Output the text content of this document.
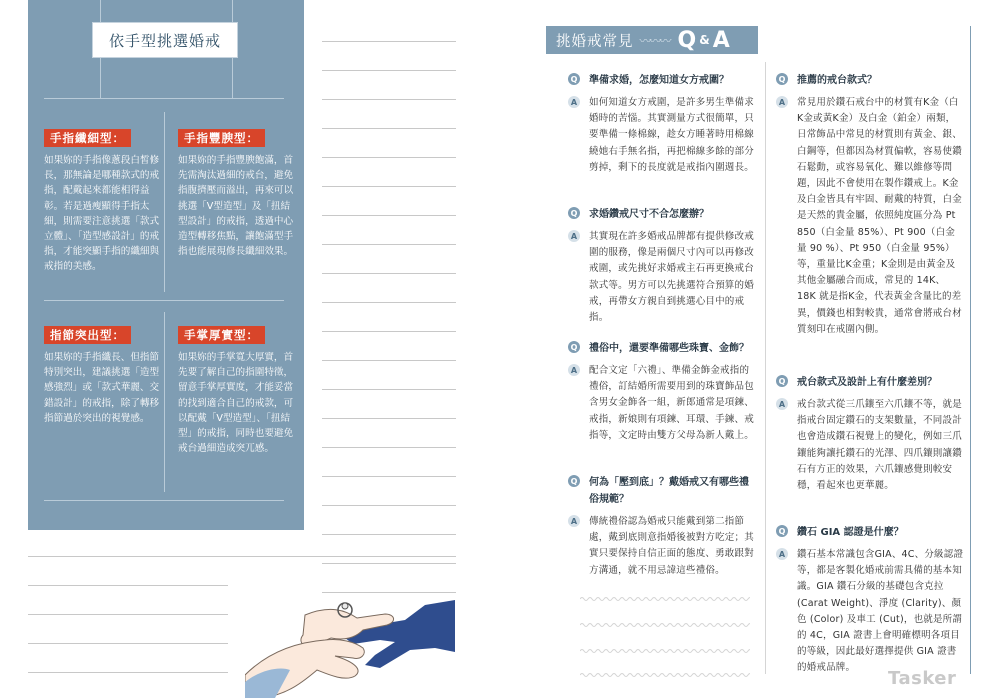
依手型挑選婚戒
手指纖細型：
如果妳的手指像蔥段白皙修長，那無論是哪種款式的戒指，配戴起來都能相得益彰。若是過瘦顯得手指太細，則需要注意挑選「款式立體」、「造型感設計」的戒指，才能突顯手指的纖細與戒指的美感。
手指豐腴型：
如果妳的手指豐腴飽滿，首先需淘汰過細的戒台，避免指腹擠壓而溢出，再來可以挑選「V型造型」及「扭結型設計」的戒指，透過中心造型轉移焦點，讓飽滿型手指也能展現修長纖細效果。
指節突出型：
如果妳的手指纖長、但指節特別突出，建議挑選「造型感強烈」或「款式華麗、交錯設計」的戒指，除了轉移指節過於突出的視覺感。
手掌厚實型：
如果妳的手掌寬大厚實，首先要了解自己的指圍特徵，留意手掌厚實度，才能妥當的找到適合自己的戒款，可以配戴「V型造型」、「扭結型」的戒指，同時也要避免戒台過細造成突兀感。
挑婚戒常見 〰〰〰 Q & A
Q 準備求婚，怎麼知道女方戒圍？
A	如何知道女方戒圍，是許多男生準備求婚時的苦惱。其實測量方式很簡單，只要準備一條棉線，趁女方睡著時用棉線繞她右手無名指，再把棉線多餘的部分剪掉，剩下的長度就是戒指內圍週長。
Q 求婚鑽戒尺寸不合怎麼辦？
A	其實現在許多婚戒品牌都有提供修改戒圍的服務，像是兩個尺寸內可以再修改戒圍，或先挑好求婚戒主石再更換戒台款式等。男方可以先挑選符合預算的婚戒，再帶女方親自到挑選心目中的戒指。
Q 禮俗中，還要準備哪些珠寶、金飾？
A	配合文定「六禮」、準備金飾金戒指的禮俗，訂結婚所需要用到的珠寶飾品包含男女金飾各一組，新郎通常是項鍊、戒指，新娘則有項鍊、耳環、手鍊、戒指等，文定時由雙方父母為新人戴上。
Q 何為「壓到底」？戴婚戒又有哪些禮俗規範？
A	傳統禮俗認為婚戒只能戴到第二指節處，戴到底則意指婚後被對方吃定；其實只要保持自信正面的態度、勇敢跟對方溝通，就不用忌諱這些禮俗。
Q 推薦的戒台款式？
A	常見用於鑽石戒台中的材質有K金（白K金或黃K金）及白金（鉑金）兩類，日常飾品中常見的材質則有黃金、銀、白鋼等，但都因為材質偏軟，容易使鑽石鬆動，或容易氧化、難以維修等問題，因此不會使用在製作鑽戒上。K金及白金皆具有牢固、耐戴的特質，白金是天然的貴金屬，依照純度區分為 Pt 850（白金量 85%）、Pt 900（白金量 90 %）、Pt 950（白金量 95%）等，重量比K金重；K金則是由黃金及其他金屬融合而成，常見的 14K、18K 就是指K金，代表黃金含量比的差異，價錢也相對較貴，通常會將戒台材質刻印在戒圍內側。
Q 戒台款式及設計上有什麼差別？
A	戒台款式從三爪鑲至六爪鑲不等，就是指戒台固定鑽石的支架數量，不同設計也會造成鑽石視覺上的變化，例如三爪鑲能夠讓托鑽石的光澤、四爪鑲則讓鑽石有方正的效果，六爪鑲感覺則較安穩，看起來也更華麗。
Q 鑽石 GIA 認證是什麼？
A	鑽石基本常識包含GIA、4C、分級認證等，都是客製化婚戒前需具備的基本知識。GIA 鑽石分級的基礎包含克拉 (Carat Weight)、淨度 (Clarity)、顏色 (Color) 及車工 (Cut)，也就是所謂的 4C，GIA 證書上會明確標明各項目的等級，因此最好選擇提供 GIA 證書的婚戒品牌。
Tasker
